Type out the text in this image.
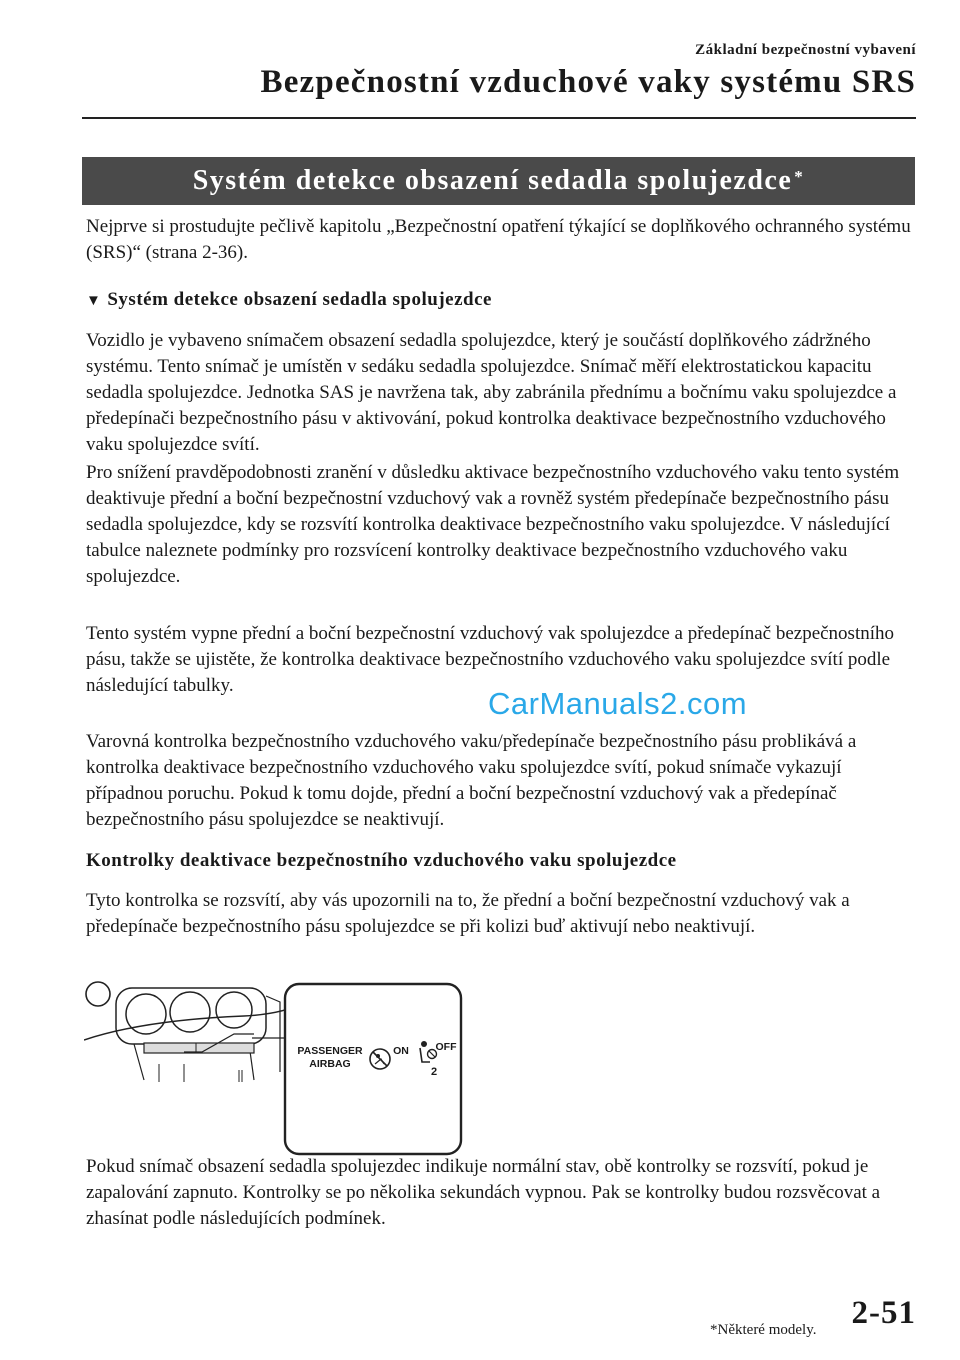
Základní bezpečnostní vybavení
Bezpečnostní vzduchové vaky systému SRS
Systém detekce obsazení sedadla spolujezdce*
Nejprve si prostudujte pečlivě kapitolu „Bezpečnostní opatření týkající se doplňkového ochranného systému (SRS)“ (strana 2-36).
▼ Systém detekce obsazení sedadla spolujezdce
Vozidlo je vybaveno snímačem obsazení sedadla spolujezdce, který je součástí doplňkového zádržného systému. Tento snímač je umístěn v sedáku sedadla spolujezdce. Snímač měří elektrostatickou kapacitu sedadla spolujezdce. Jednotka SAS je navržena tak, aby zabránila přednímu a bočnímu vaku spolujezdce a předepínači bezpečnostního pásu v aktivování, pokud kontrolka deaktivace bezpečnostního vzduchového vaku spolujezdce svítí.
Pro snížení pravděpodobnosti zranění v důsledku aktivace bezpečnostního vzduchového vaku tento systém deaktivuje přední a boční bezpečnostní vzduchový vak a rovněž systém předepínače bezpečnostního pásu sedadla spolujezdce, kdy se rozsvítí kontrolka deaktivace bezpečnostního vaku spolujezdce. V následující tabulce naleznete podmínky pro rozsvícení kontrolky deaktivace bezpečnostního vzduchového vaku spolujezdce.
Tento systém vypne přední a boční bezpečnostní vzduchový vak spolujezdce a předepínač bezpečnostního pásu, takže se ujistěte, že kontrolka deaktivace bezpečnostního vzduchového vaku spolujezdce svítí podle následující tabulky.
CarManuals2.com
Varovná kontrolka bezpečnostního vzduchového vaku/předepínače bezpečnostního pásu problikává a kontrolka deaktivace bezpečnostního vzduchového vaku spolujezdce svítí, pokud snímače vykazují případnou poruchu. Pokud k tomu dojde, přední a boční bezpečnostní vzduchový vak a předepínač bezpečnostního pásu spolujezdce se neaktivují.
Kontrolky deaktivace bezpečnostního vzduchového vaku spolujezdce
Tyto kontrolka se rozsvítí, aby vás upozornili na to, že přední a boční bezpečnostní vzduchový vak a předepínače bezpečnostního pásu spolujezdce se při kolizi buď aktivují nebo neaktivují.
PASSENGER
AIRBAG
ON	OFF
2
Pokud snímač obsazení sedadla spolujezdec indikuje normální stav, obě kontrolky se rozsvítí, pokud je zapalování zapnuto. Kontrolky se po několika sekundách vypnou. Pak se kontrolky budou rozsvěcovat a zhasínat podle následujících podmínek.
*Některé modely. 2-51
